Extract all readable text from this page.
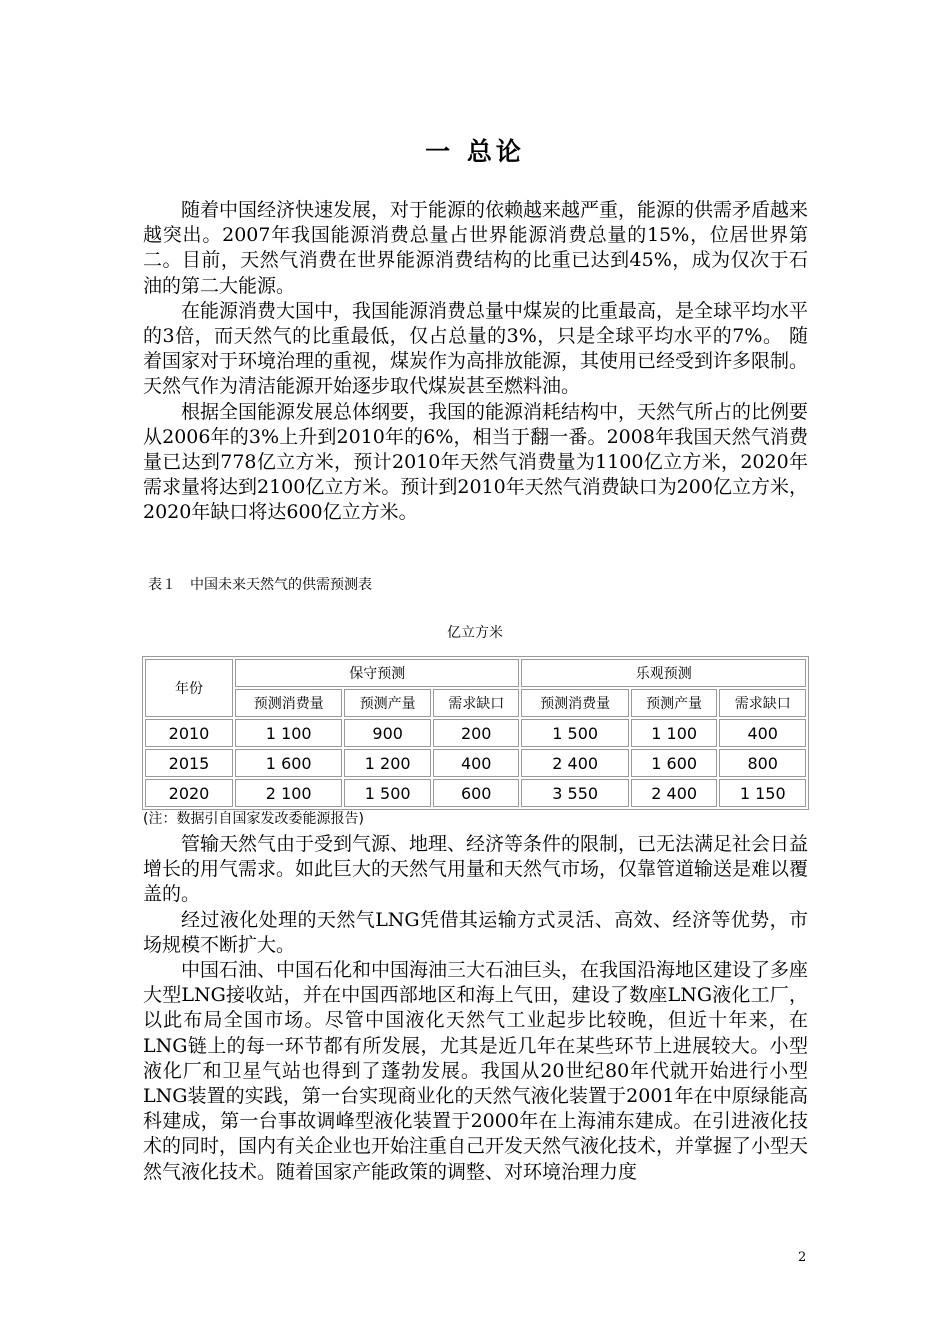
一 总论

随着中国经济快速发展，对于能源的依赖越来越严重，能源的供需矛盾越来越突出。2007年我国能源消费总量占世界能源消费总量的15%，位居世界第二。目前，天然气消费在世界能源消费结构的比重已达到45%，成为仅次于石油的第二大能源。

在能源消费大国中，我国能源消费总量中煤炭的比重最高，是全球平均水平的3倍，而天然气的比重最低，仅占总量的3%，只是全球平均水平的7%。 随着国家对于环境治理的重视，煤炭作为高排放能源，其使用已经受到许多限制。天然气作为清洁能源开始逐步取代煤炭甚至燃料油。

根据全国能源发展总体纲要，我国的能源消耗结构中，天然气所占的比例要从2006年的3%上升到2010年的6%，相当于翻一番。2008年我国天然气消费量已达到778亿立方米，预计2010年天然气消费量为1100亿立方米，2020年需求量将达到2100亿立方米。预计到2010年天然气消费缺口为200亿立方米，2020年缺口将达600亿立方米。

表１　中国未来天然气的供需预测表
亿立方米
年份	保守预测			乐观预测		
	预测消费量	预测产量	需求缺口	预测消费量	预测产量	需求缺口
2010	1 100	900	200	1 500	1 100	400
2015	1 600	1 200	400	2 400	1 600	800
2020	2 100	1 500	600	3 550	2 400	1 150
(注：数据引自国家发改委能源报告)

管输天然气由于受到气源、地理、经济等条件的限制，已无法满足社会日益增长的用气需求。如此巨大的天然气用量和天然气市场，仅靠管道输送是难以覆盖的。

经过液化处理的天然气LNG凭借其运输方式灵活、高效、经济等优势，市场规模不断扩大。

中国石油、中国石化和中国海油三大石油巨头，在我国沿海地区建设了多座大型LNG接收站，并在中国西部地区和海上气田，建设了数座LNG液化工厂，以此布局全国市场。尽管中国液化天然气工业起步比较晚，但近十年来，在LNG链上的每一环节都有所发展，尤其是近几年在某些环节上进展较大。小型液化厂和卫星气站也得到了蓬勃发展。我国从20世纪80年代就开始进行小型LNG装置的实践，第一台实现商业化的天然气液化装置于2001年在中原绿能高科建成，第一台事故调峰型液化装置于2000年在上海浦东建成。在引进液化技术的同时，国内有关企业也开始注重自己开发天然气液化技术，并掌握了小型天然气液化技术。随着国家产能政策的调整、对环境治理力度

2
